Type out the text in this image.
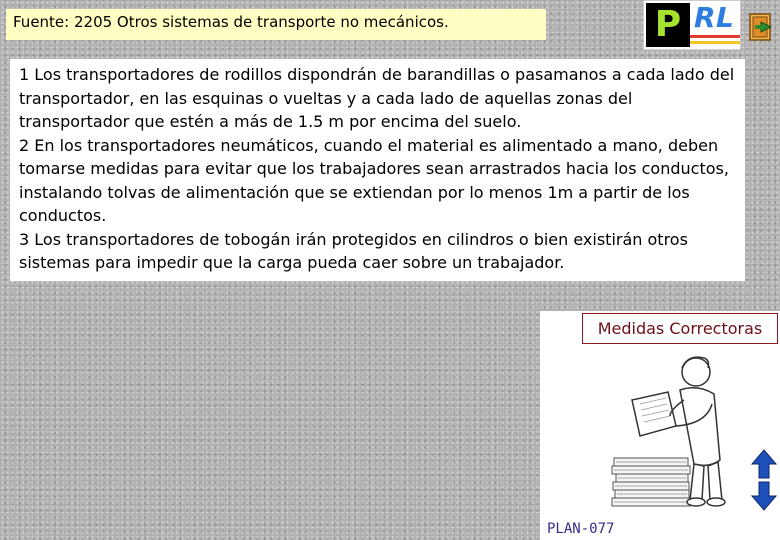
Fuente: 2205 Otros sistemas de transporte no mecánicos.	P R L

1 Los transportadores de rodillos dispondrán de barandillas o pasamanos a cada lado del transportador, en las esquinas o vueltas y a cada lado de aquellas zonas del transportador que estén a más de 1.5 m por encima del suelo.

2 En los transportadores neumáticos, cuando el material es alimentado a mano, deben tomarse medidas para evitar que los trabajadores sean arrastrados hacia los conductos, instalando tolvas de alimentación que se extiendan por lo menos 1m a partir de los conductos.

3 Los transportadores de tobogán irán protegidos en cilindros o bien existirán otros sistemas para impedir que la carga pueda caer sobre un trabajador.

Medidas Correctoras
PLAN-077
